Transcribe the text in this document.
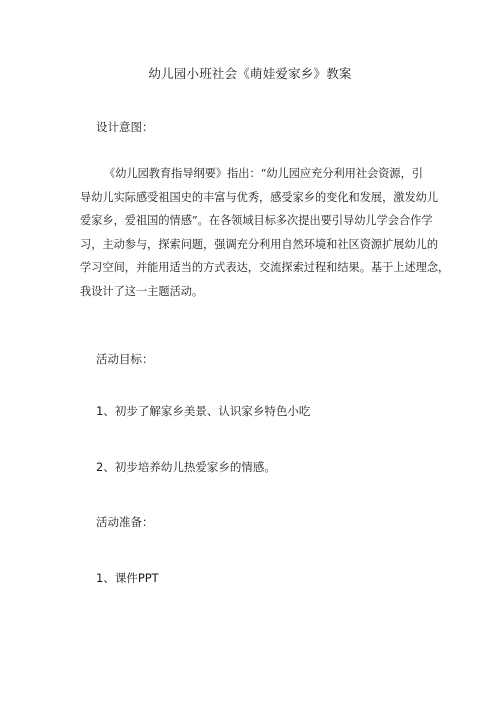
幼儿园小班社会《萌娃爱家乡》教案
设计意图：
《幼儿园教育指导纲要》指出：“幼儿园应充分利用社会资源，引
导幼儿实际感受祖国史的丰富与优秀，感受家乡的变化和发展，激发幼儿
爱家乡，爱祖国的情感”。在各领域目标多次提出要引导幼儿学会合作学
习，主动参与，探索问题，强调充分利用自然环境和社区资源扩展幼儿的
学习空间，并能用适当的方式表达，交流探索过程和结果。基于上述理念，
我设计了这一主题活动。
活动目标：
1、初步了解家乡美景、认识家乡特色小吃
2、初步培养幼儿热爱家乡的情感。
活动准备：
1、课件PPT
